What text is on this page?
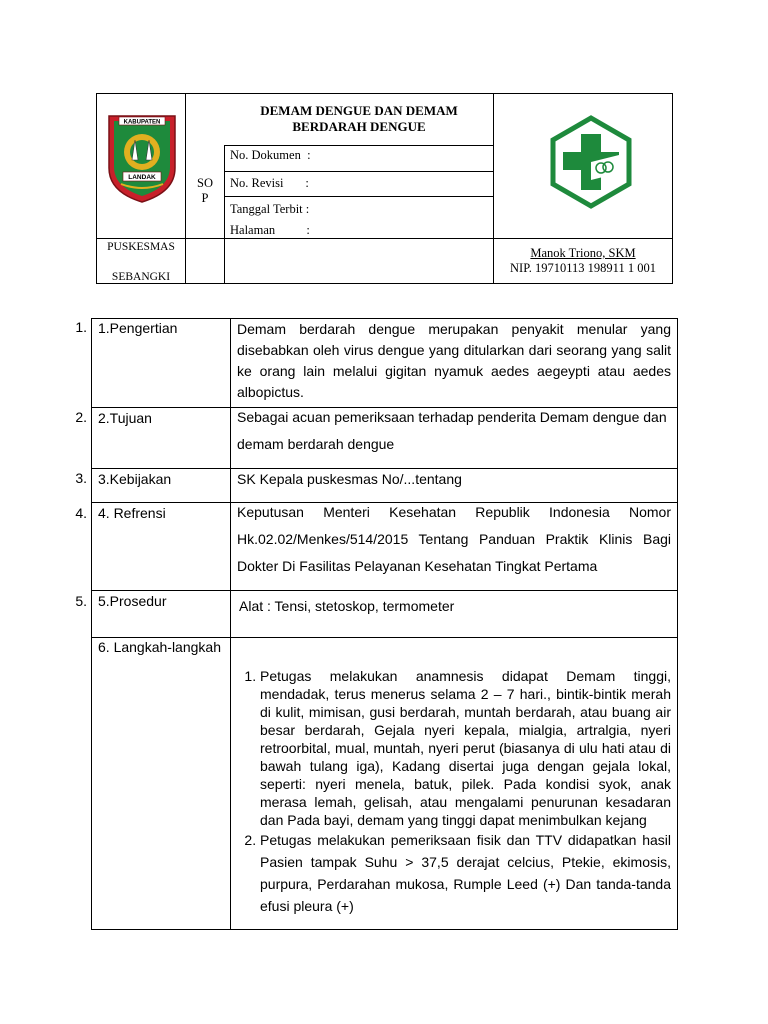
KABUPATEN
LANDAK
DEMAM DENGUE DAN DEMAM
BERDARAH DENGUE
SO
P
No. Dokumen  :
No. Revisi       :
Tanggal Terbit :
Halaman          :
PUSKESMAS
SEBANGKI
Manok Triono, SKM
NIP. 19710113 198911 1 001
1.
2.
3.
4.
5.
1.Pengertian	Demam berdarah dengue merupakan penyakit menular yang disebabkan oleh virus dengue yang ditularkan dari seorang yang salit ke orang lain melalui gigitan nyamuk aedes aegeypti atau aedes albopictus.
2.Tujuan	Sebagai acuan pemeriksaan terhadap penderita Demam dengue dan demam berdarah dengue
3.Kebijakan	SK Kepala puskesmas No/...tentang
4. Refrensi	Keputusan Menteri Kesehatan Republik Indonesia Nomor Hk.02.02/Menkes/514/2015 Tentang Panduan Praktik Klinis Bagi Dokter Di Fasilitas Pelayanan Kesehatan Tingkat Pertama
5.Prosedur	Alat : Tensi, stetoskop, termometer
6. Langkah-langkah
1. Petugas melakukan anamnesis didapat Demam tinggi, mendadak, terus menerus selama 2 – 7 hari., bintik-bintik merah di kulit, mimisan, gusi berdarah, muntah berdarah, atau buang air besar berdarah, Gejala nyeri kepala, mialgia, artralgia, nyeri retroorbital, mual, muntah, nyeri perut (biasanya di ulu hati atau di bawah tulang iga), Kadang disertai juga dengan gejala lokal, seperti: nyeri menela, batuk, pilek. Pada kondisi syok, anak merasa lemah, gelisah, atau mengalami penurunan kesadaran dan Pada bayi, demam yang tinggi dapat menimbulkan kejang
2. Petugas melakukan pemeriksaan fisik dan TTV didapatkan hasil Pasien tampak Suhu > 37,5 derajat celcius, Ptekie, ekimosis, purpura, Perdarahan mukosa, Rumple Leed (+) Dan tanda-tanda efusi pleura (+)
